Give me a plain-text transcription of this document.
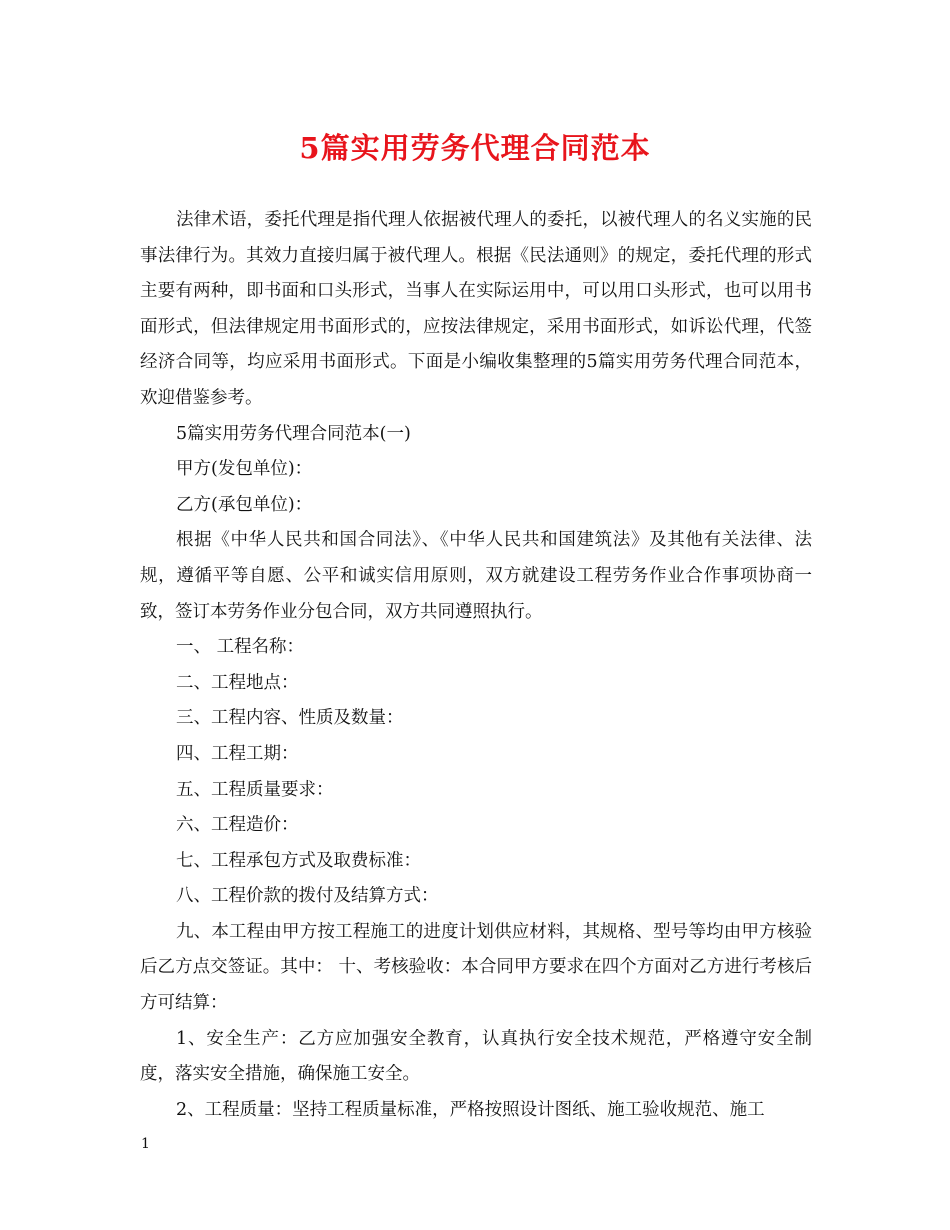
5篇实用劳务代理合同范本

法律术语，委托代理是指代理人依据被代理人的委托，以被代理人的名义实施的民事法律行为。其效力直接归属于被代理人。根据《民法通则》的规定，委托代理的形式主要有两种，即书面和口头形式，当事人在实际运用中，可以用口头形式，也可以用书面形式，但法律规定用书面形式的，应按法律规定，采用书面形式，如诉讼代理，代签经济合同等，均应采用书面形式。下面是小编收集整理的5篇实用劳务代理合同范本，欢迎借鉴参考。

5篇实用劳务代理合同范本(一)

甲方(发包单位)：

乙方(承包单位)：

根据《中华人民共和国合同法》、《中华人民共和国建筑法》及其他有关法律、法规，遵循平等自愿、公平和诚实信用原则，双方就建设工程劳务作业合作事项协商一致，签订本劳务作业分包合同，双方共同遵照执行。

一、 工程名称：

二、工程地点：

三、工程内容、性质及数量：

四、工程工期：

五、工程质量要求：

六、工程造价：

七、工程承包方式及取费标准：

八、工程价款的拨付及结算方式：

九、本工程由甲方按工程施工的进度计划供应材料，其规格、型号等均由甲方核验后乙方点交签证。其中： 十、考核验收：本合同甲方要求在四个方面对乙方进行考核后方可结算：

1、安全生产：乙方应加强安全教育，认真执行安全技术规范，严格遵守安全制度，落实安全措施，确保施工安全。

2、工程质量：坚持工程质量标准，严格按照设计图纸、施工验收规范、施工

1
